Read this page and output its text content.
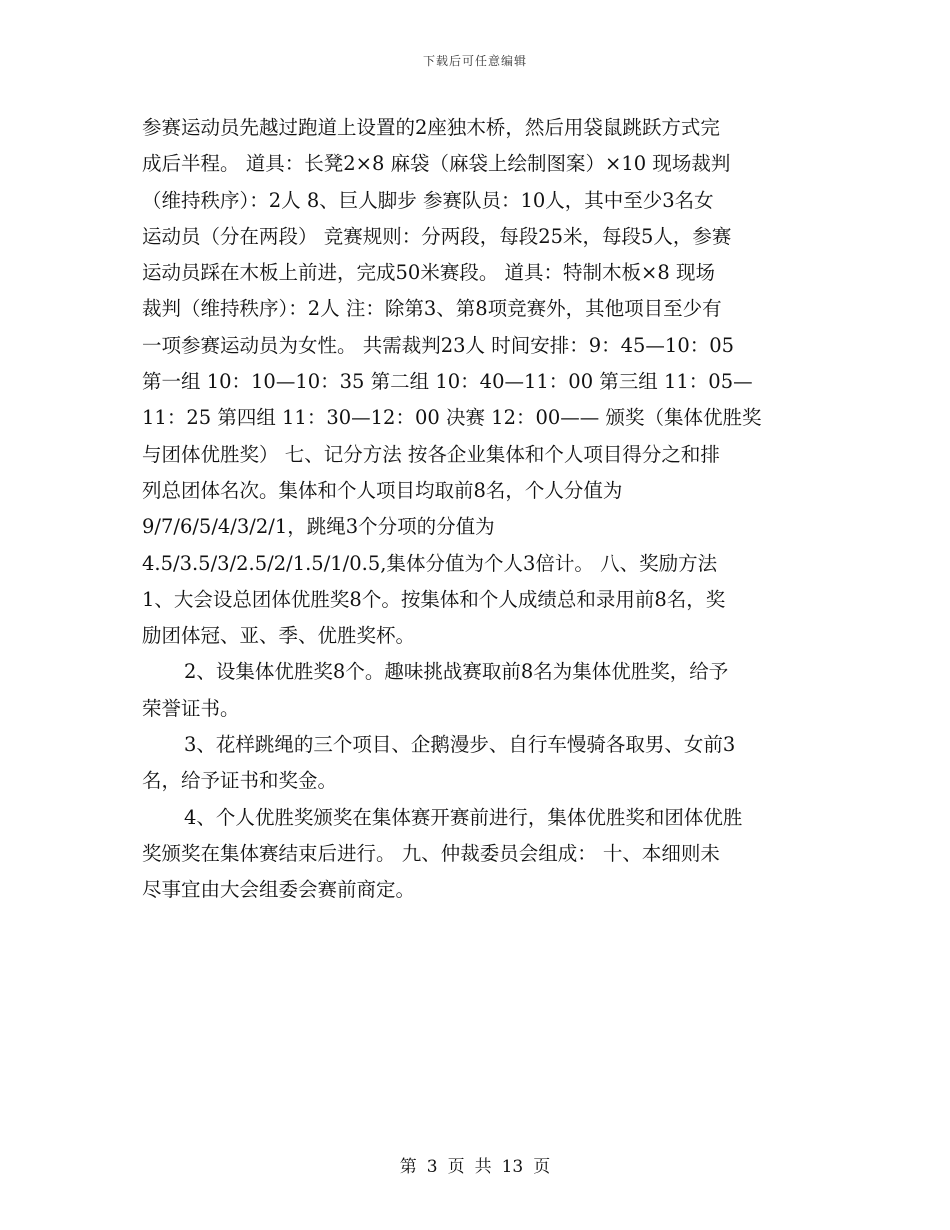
下载后可任意编辑
参赛运动员先越过跑道上设置的2座独木桥，然后用袋鼠跳跃方式完
成后半程。 道具：长凳2×8 麻袋（麻袋上绘制图案）×10 现场裁判
（维持秩序）：2人 8、巨人脚步 参赛队员：10人，其中至少3名女
运动员（分在两段） 竞赛规则：分两段，每段25米，每段5人，参赛
运动员踩在木板上前进，完成50米赛段。 道具：特制木板×8 现场
裁判（维持秩序）：2人 注：除第3、第8项竞赛外，其他项目至少有
一项参赛运动员为女性。 共需裁判23人 时间安排：9：45—10：05
第一组 10：10—10：35 第二组 10：40—11：00 第三组 11：05—
11：25 第四组 11：30—12：00 决赛 12：00—— 颁奖（集体优胜奖
与团体优胜奖） 七、记分方法 按各企业集体和个人项目得分之和排
列总团体名次。集体和个人项目均取前8名，个人分值为
9/7/6/5/4/3/2/1，跳绳3个分项的分值为
4.5/3.5/3/2.5/2/1.5/1/0.5,集体分值为个人3倍计。 八、奖励方法
1、大会设总团体优胜奖8个。按集体和个人成绩总和录用前8名，奖
励团体冠、亚、季、优胜奖杯。
2、设集体优胜奖8个。趣味挑战赛取前8名为集体优胜奖，给予
荣誉证书。
3、花样跳绳的三个项目、企鹅漫步、自行车慢骑各取男、女前3
名，给予证书和奖金。
4、个人优胜奖颁奖在集体赛开赛前进行，集体优胜奖和团体优胜
奖颁奖在集体赛结束后进行。 九、仲裁委员会组成： 十、本细则未
尽事宜由大会组委会赛前商定。
第 3 页 共 13 页
